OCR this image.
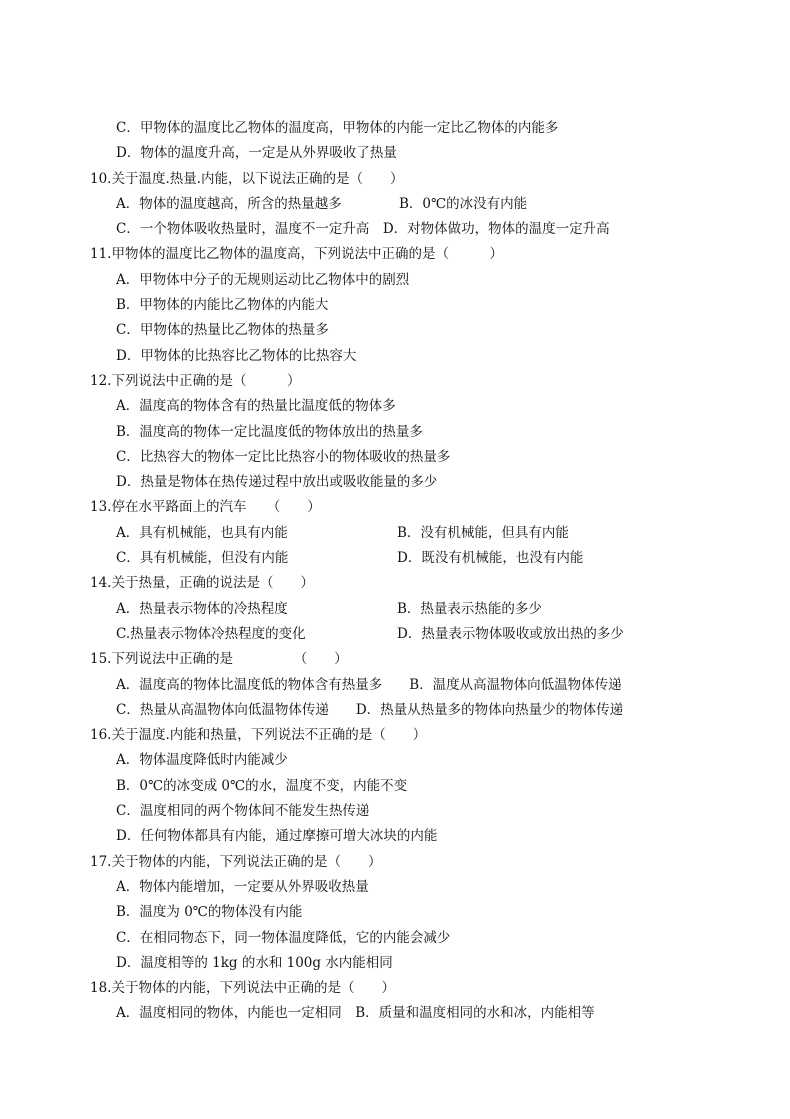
C．甲物体的温度比乙物体的温度高，甲物体的内能一定比乙物体的内能多
D．物体的温度升高，一定是从外界吸收了热量
10.关于温度.热量.内能，以下说法正确的是（　　）
A．物体的温度越高，所含的热量越多	B．0℃的冰没有内能
C．一个物体吸收热量时，温度不一定升高　D．对物体做功，物体的温度一定升高
11.甲物体的温度比乙物体的温度高，下列说法中正确的是（　　　）
A．甲物体中分子的无规则运动比乙物体中的剧烈
B．甲物体的内能比乙物体的内能大
C．甲物体的热量比乙物体的热量多
D．甲物体的比热容比乙物体的比热容大
12.下列说法中正确的是（　　　）
A．温度高的物体含有的热量比温度低的物体多
B．温度高的物体一定比温度低的物体放出的热量多
C．比热容大的物体一定比比热容小的物体吸收的热量多
D．热量是物体在热传递过程中放出或吸收能量的多少
13.停在水平路面上的汽车　　（　　）
A．具有机械能，也具有内能	B．没有机械能，但具有内能
C．具有机械能，但没有内能	D．既没有机械能，也没有内能
14.关于热量，正确的说法是（　　）
A．热量表示物体的冷热程度	B．热量表示热能的多少
C.热量表示物体冷热程度的变化	D．热量表示物体吸收或放出热的多少
15.下列说法中正确的是　　　　　（　　）
A．温度高的物体比温度低的物体含有热量多　　B．温度从高温物体向低温物体传递
C．热量从高温物体向低温物体传递　　D．热量从热量多的物体向热量少的物体传递
16.关于温度.内能和热量，下列说法不正确的是（　　）
A．物体温度降低时内能减少
B．0℃的冰变成 0℃的水，温度不变，内能不变
C．温度相同的两个物体间不能发生热传递
D．任何物体都具有内能，通过摩擦可增大冰块的内能
17.关于物体的内能，下列说法正确的是（　　）
A．物体内能增加，一定要从外界吸收热量
B．温度为 0℃的物体没有内能
C．在相同物态下，同一物体温度降低，它的内能会减少
D．温度相等的 1kg 的水和 100g 水内能相同
18.关于物体的内能，下列说法中正确的是（　　）
A．温度相同的物体，内能也一定相同　B．质量和温度相同的水和冰，内能相等
